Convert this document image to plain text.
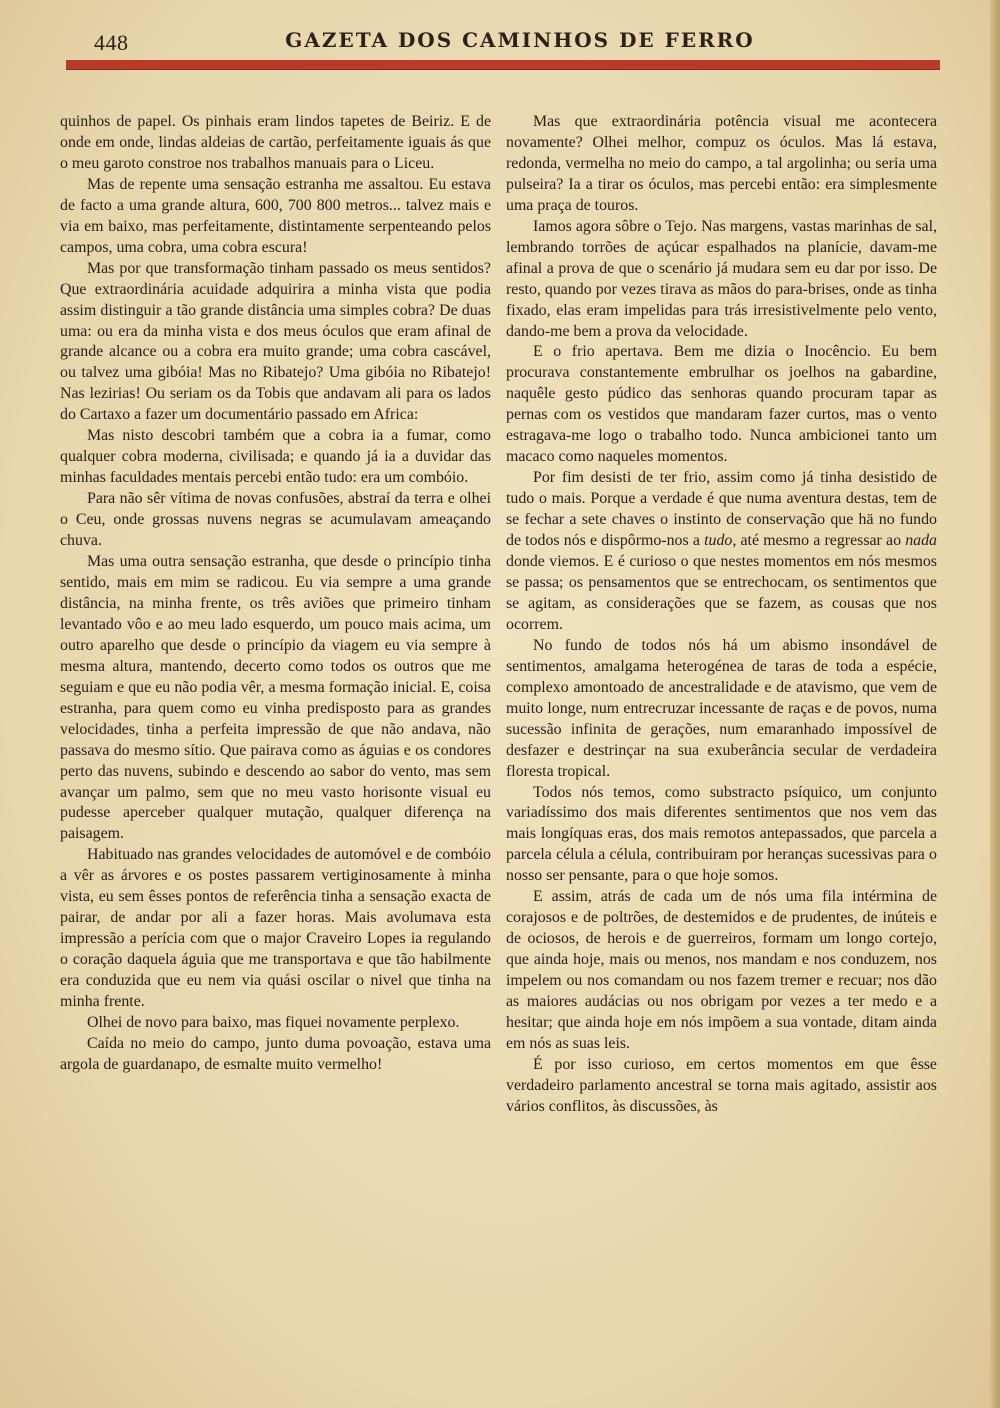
448	GAZETA DOS CAMINHOS DE FERRO

quinhos de papel. Os pinhais eram lindos tapetes de Beiriz. E de onde em onde, lindas aldeias de cartão, perfeitamente iguais ás que o meu garoto constroe nos trabalhos manuais para o Liceu.

Mas de repente uma sensação estranha me assaltou. Eu estava de facto a uma grande altura, 600, 700 800 metros... talvez mais e via em baixo, mas perfeitamente, distintamente serpenteando pelos campos, uma cobra, uma cobra escura!

Mas por que transformação tinham passado os meus sentidos? Que extraordinária acuidade adquirira a minha vista que podia assim distinguir a tão grande distância uma simples cobra? De duas uma: ou era da minha vista e dos meus óculos que eram afinal de grande alcance ou a cobra era muito grande; uma cobra cascável, ou talvez uma gibóia! Mas no Ribatejo? Uma gibóia no Ribatejo! Nas lezirias! Ou seriam os da Tobis que andavam ali para os lados do Cartaxo a fazer um documentário passado em Africa:

Mas nisto descobri também que a cobra ia a fumar, como qualquer cobra moderna, civilisada; e quando já ia a duvidar das minhas faculdades mentais percebi então tudo: era um combóio.

Para não sêr vítima de novas confusões, abstraí da terra e olhei o Ceu, onde grossas nuvens negras se acumulavam ameaçando chuva.

Mas uma outra sensação estranha, que desde o princípio tinha sentido, mais em mim se radicou. Eu via sempre a uma grande distância, na minha frente, os três aviões que primeiro tinham levantado vôo e ao meu lado esquerdo, um pouco mais acima, um outro aparelho que desde o princípio da viagem eu via sempre à mesma altura, mantendo, decerto como todos os outros que me seguiam e que eu não podia vêr, a mesma formação inicial. E, coisa estranha, para quem como eu vinha predisposto para as grandes velocidades, tinha a perfeita impressão de que não andava, não passava do mesmo sítio. Que pairava como as águias e os condores perto das nuvens, subindo e descendo ao sabor do vento, mas sem avançar um palmo, sem que no meu vasto horisonte visual eu pudesse aperceber qualquer mutação, qualquer diferença na paisagem.

Habituado nas grandes velocidades de automóvel e de combóio a vêr as árvores e os postes passarem vertiginosamente à minha vista, eu sem êsses pontos de referência tinha a sensação exacta de pairar, de andar por ali a fazer horas. Mais avolumava esta impressão a perícia com que o major Craveiro Lopes ia regulando o coração daquela águia que me transportava e que tão habilmente era conduzida que eu nem via quási oscilar o nivel que tinha na minha frente.

Olhei de novo para baixo, mas fiquei novamente perplexo.

Caída no meio do campo, junto duma povoação, estava uma argola de guardanapo, de esmalte muito vermelho!

Mas que extraordinária potência visual me acontecera novamente? Olhei melhor, compuz os óculos. Mas lá estava, redonda, vermelha no meio do campo, a tal argolinha; ou seria uma pulseira? Ia a tirar os óculos, mas percebi então: era simplesmente uma praça de touros.

Iamos agora sôbre o Tejo. Nas margens, vastas marinhas de sal, lembrando torrões de açúcar espalhados na planície, davam-me afinal a prova de que o scenário já mudara sem eu dar por isso. De resto, quando por vezes tirava as mãos do para-brises, onde as tinha fixado, elas eram impelidas para trás irresistivelmente pelo vento, dando-me bem a prova da velocidade.

E o frio apertava. Bem me dizia o Inocêncio. Eu bem procurava constantemente embrulhar os joelhos na gabardine, naquêle gesto púdico das senhoras quando procuram tapar as pernas com os vestidos que mandaram fazer curtos, mas o vento estragava-me logo o trabalho todo. Nunca ambicionei tanto um macaco como naqueles momentos.

Por fim desisti de ter frio, assim como já tinha desistido de tudo o mais. Porque a verdade é que numa aventura destas, tem de se fechar a sete chaves o instinto de conservação que hä no fundo de todos nós e dispôrmo-nos a tudo, até mesmo a regressar ao nada donde viemos. E é curioso o que nestes momentos em nós mesmos se passa; os pensamentos que se entrechocam, os sentimentos que se agitam, as considerações que se fazem, as cousas que nos ocorrem.

No fundo de todos nós há um abismo insondável de sentimentos, amalgama heterogénea de taras de toda a espécie, complexo amontoado de ancestralidade e de atavismo, que vem de muito longe, num entrecruzar incessante de raças e de povos, numa sucessão infinita de gerações, num emaranhado impossível de desfazer e destrinçar na sua exuberância secular de verdadeira floresta tropical.

Todos nós temos, como substracto psíquico, um conjunto variadíssimo dos mais diferentes sentimentos que nos vem das mais longíquas eras, dos mais remotos antepassados, que parcela a parcela célula a célula, contribuiram por heranças sucessivas para o nosso ser pensante, para o que hoje somos.

E assim, atrás de cada um de nós uma fila intérmina de corajosos e de poltrões, de destemidos e de prudentes, de inúteis e de ociosos, de herois e de guerreiros, formam um longo cortejo, que ainda hoje, mais ou menos, nos mandam e nos conduzem, nos impelem ou nos comandam ou nos fazem tremer e recuar; nos dão as maiores audácias ou nos obrigam por vezes a ter medo e a hesitar; que ainda hoje em nós impõem a sua vontade, ditam ainda em nós as suas leis.

É por isso curioso, em certos momentos em que êsse verdadeiro parlamento ancestral se torna mais agitado, assistir aos vários conflitos, às discussões, às
